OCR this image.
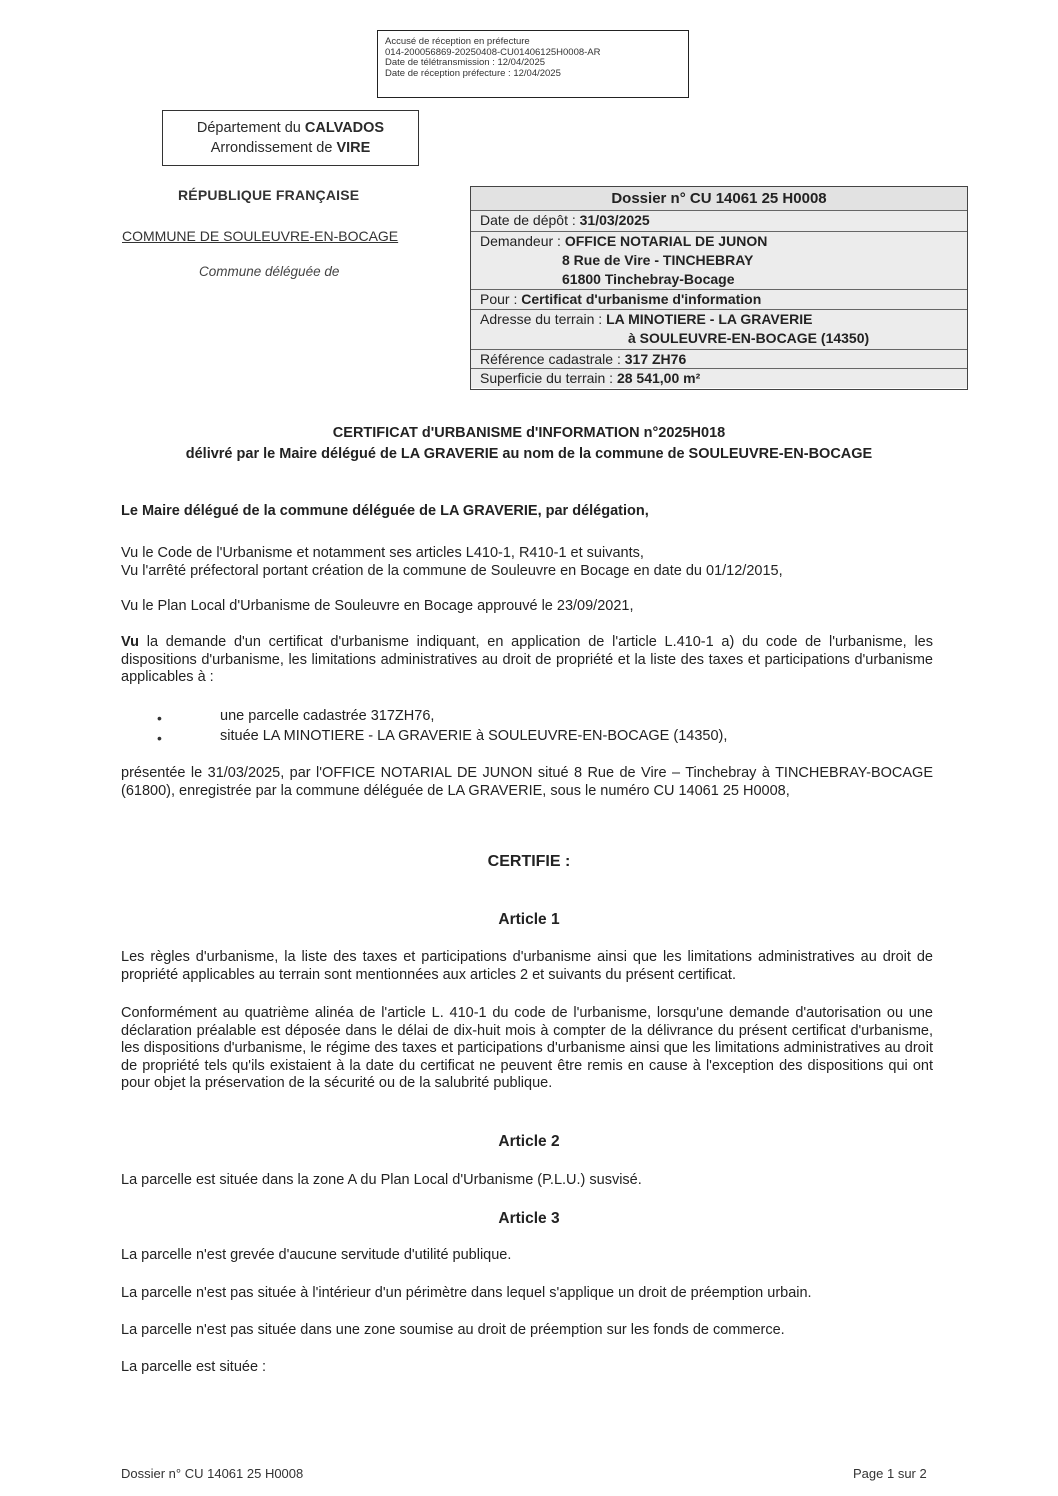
Accusé de réception en préfecture
014-200056869-20250408-CU01406125H0008-AR
Date de télétransmission : 12/04/2025
Date de réception préfecture : 12/04/2025
Département du CALVADOS
Arrondissement de VIRE
RÉPUBLIQUE FRANÇAISE
COMMUNE DE SOULEUVRE-EN-BOCAGE
Commune déléguée de
Dossier n° CU 14061 25 H0008
Date de dépôt : 31/03/2025
Demandeur : OFFICE NOTARIAL DE JUNON
8 Rue de Vire - TINCHEBRAY
61800 Tinchebray-Bocage
Pour : Certificat d'urbanisme d'information
Adresse du terrain : LA MINOTIERE - LA GRAVERIE
à SOULEUVRE-EN-BOCAGE (14350)
Référence cadastrale : 317 ZH76
Superficie du terrain : 28 541,00 m²
CERTIFICAT d'URBANISME d'INFORMATION n°2025H018
délivré par le Maire délégué de LA GRAVERIE au nom de la commune de SOULEUVRE-EN-BOCAGE
Le Maire délégué de la commune déléguée de LA GRAVERIE, par délégation,
Vu le Code de l'Urbanisme et notamment ses articles L410-1, R410-1 et suivants,
Vu l'arrêté préfectoral portant création de la commune de Souleuvre en Bocage en date du 01/12/2015,
Vu le Plan Local d'Urbanisme de Souleuvre en Bocage approuvé le 23/09/2021,
Vu la demande d'un certificat d'urbanisme indiquant, en application de l'article L.410-1 a) du code de l'urbanisme, les dispositions d'urbanisme, les limitations administratives au droit de propriété et la liste des taxes et participations d'urbanisme applicables à :
•	une parcelle cadastrée 317ZH76,
•	située LA MINOTIERE - LA GRAVERIE à SOULEUVRE-EN-BOCAGE (14350),
présentée le 31/03/2025, par l'OFFICE NOTARIAL DE JUNON situé 8 Rue de Vire – Tinchebray à TINCHEBRAY-BOCAGE (61800), enregistrée par la commune déléguée de LA GRAVERIE, sous le numéro CU 14061 25 H0008,
CERTIFIE :
Article 1
Les règles d'urbanisme, la liste des taxes et participations d'urbanisme ainsi que les limitations administratives au droit de propriété applicables au terrain sont mentionnées aux articles 2 et suivants du présent certificat.
Conformément au quatrième alinéa de l'article L. 410-1 du code de l'urbanisme, lorsqu'une demande d'autorisation ou une déclaration préalable est déposée dans le délai de dix-huit mois à compter de la délivrance du présent certificat d'urbanisme, les dispositions d'urbanisme, le régime des taxes et participations d'urbanisme ainsi que les limitations administratives au droit de propriété tels qu'ils existaient à la date du certificat ne peuvent être remis en cause à l'exception des dispositions qui ont pour objet la préservation de la sécurité ou de la salubrité publique.
Article 2
La parcelle est située dans la zone A du Plan Local d'Urbanisme (P.L.U.) susvisé.
Article 3
La parcelle n'est grevée d'aucune servitude d'utilité publique.
La parcelle n'est pas située à l'intérieur d'un périmètre dans lequel s'applique un droit de préemption urbain.
La parcelle n'est pas située dans une zone soumise au droit de préemption sur les fonds de commerce.
La parcelle est située :
Dossier n° CU 14061 25 H0008	Page 1 sur 2
